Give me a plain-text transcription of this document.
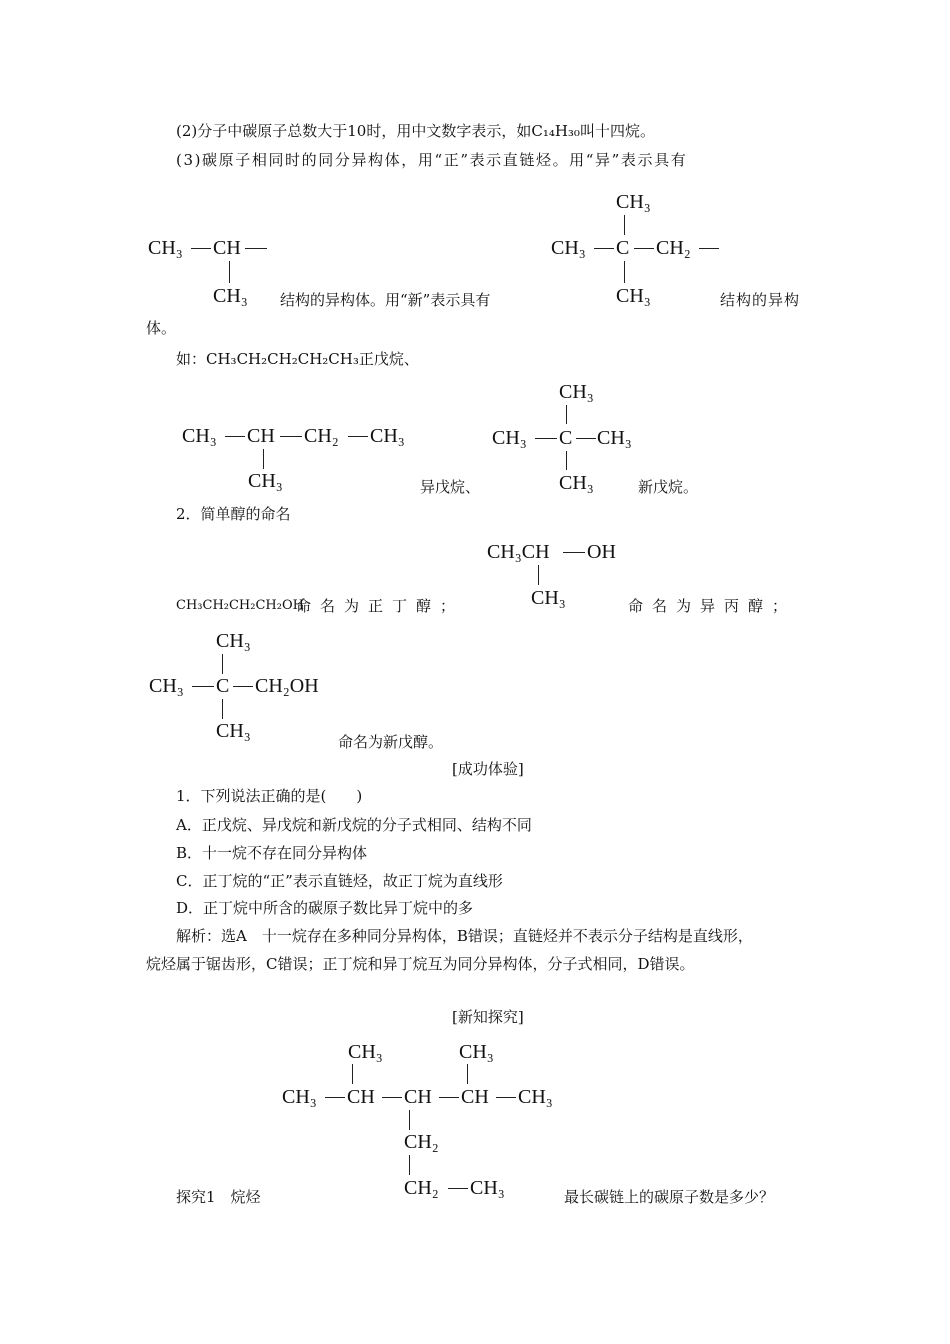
(2)分子中碳原子总数大于10时，用中文数字表示，如C₁₄H₃₀叫十四烷。
(3)碳原子相同时的同分异构体，用“正”表示直链烃。用“异”表示具有
CH₃ CH
CH₃ 结构的异构体。用“新”表示具有
CH₃
CH₃ C CH₂
CH₃	结构的异构
体。
如：CH₃CH₂CH₂CH₂CH₃正戊烷、
CH₃ CH CH₂ CH₃
CH₃	异戊烷、
CH₃
CH₃ C CH₃
CH₃	新戊烷。
2．简单醇的命名
CH₃CH OH
CH₃
CH₃CH₂CH₂CH₂OH
命名为正丁醇；	命名为异丙醇；
CH₃
CH₃ C CH₂OH
CH₃	命名为新戊醇。
[成功体验]
1．下列说法正确的是(　　)
A．正戊烷、异戊烷和新戊烷的分子式相同、结构不同
B．十一烷不存在同分异构体
C．正丁烷的“正”表示直链烃，故正丁烷为直线形
D．正丁烷中所含的碳原子数比异丁烷中的多
解析：选A　十一烷存在多种同分异构体，B错误；直链烃并不表示分子结构是直线形，
烷烃属于锯齿形，C错误；正丁烷和异丁烷互为同分异构体，分子式相同，D错误。
[新知探究]
CH₃	CH₃
CH₃ CH CH CH CH₃
CH₂
CH₂ CH₃
探究1　烷烃	最长碳链上的碳原子数是多少？
